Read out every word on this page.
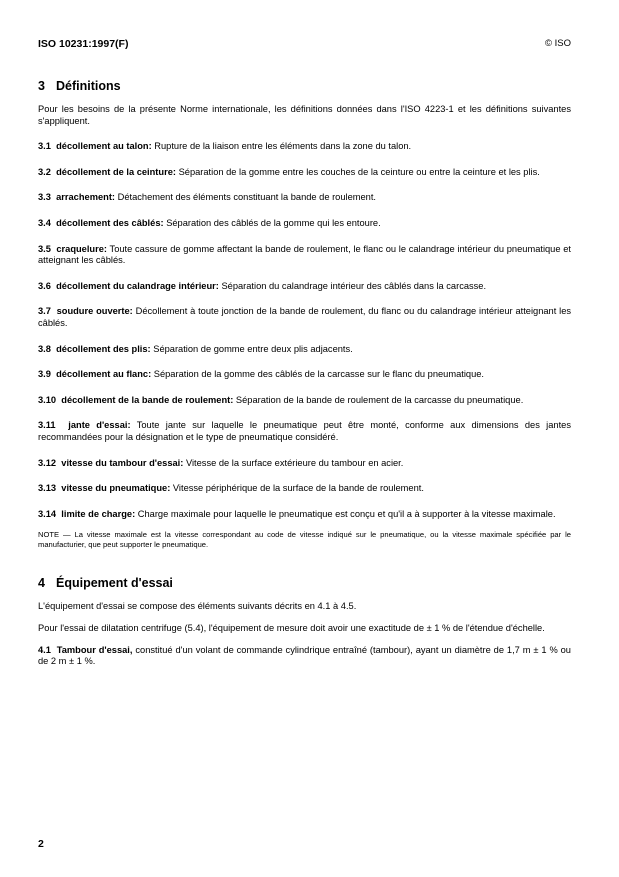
ISO 10231:1997(F)	© ISO
3 Définitions

Pour les besoins de la présente Norme internationale, les définitions données dans l'ISO 4223-1 et les définitions suivantes s'appliquent.

3.1 décollement au talon: Rupture de la liaison entre les éléments dans la zone du talon.

3.2 décollement de la ceinture: Séparation de la gomme entre les couches de la ceinture ou entre la ceinture et les plis.

3.3 arrachement: Détachement des éléments constituant la bande de roulement.

3.4 décollement des câblés: Séparation des câblés de la gomme qui les entoure.

3.5 craquelure: Toute cassure de gomme affectant la bande de roulement, le flanc ou le calandrage intérieur du pneumatique et atteignant les câblés.

3.6 décollement du calandrage intérieur: Séparation du calandrage intérieur des câblés dans la carcasse.

3.7 soudure ouverte: Décollement à toute jonction de la bande de roulement, du flanc ou du calandrage intérieur atteignant les câblés.

3.8 décollement des plis: Séparation de gomme entre deux plis adjacents.

3.9 décollement au flanc: Séparation de la gomme des câblés de la carcasse sur le flanc du pneumatique.

3.10 décollement de la bande de roulement: Séparation de la bande de roulement de la carcasse du pneumatique.

3.11 jante d'essai: Toute jante sur laquelle le pneumatique peut être monté, conforme aux dimensions des jantes recommandées pour la désignation et le type de pneumatique considéré.

3.12 vitesse du tambour d'essai: Vitesse de la surface extérieure du tambour en acier.

3.13 vitesse du pneumatique: Vitesse périphérique de la surface de la bande de roulement.

3.14 limite de charge: Charge maximale pour laquelle le pneumatique est conçu et qu'il a à supporter à la vitesse maximale.

NOTE — La vitesse maximale est la vitesse correspondant au code de vitesse indiqué sur le pneumatique, ou la vitesse maximale spécifiée par le manufacturier, que peut supporter le pneumatique.

4 Équipement d'essai

L'équipement d'essai se compose des éléments suivants décrits en 4.1 à 4.5.

Pour l'essai de dilatation centrifuge (5.4), l'équipement de mesure doit avoir une exactitude de ± 1 % de l'étendue d'échelle.

4.1 Tambour d'essai, constitué d'un volant de commande cylindrique entraîné (tambour), ayant un diamètre de 1,7 m ± 1 % ou de 2 m ± 1 %.

2
